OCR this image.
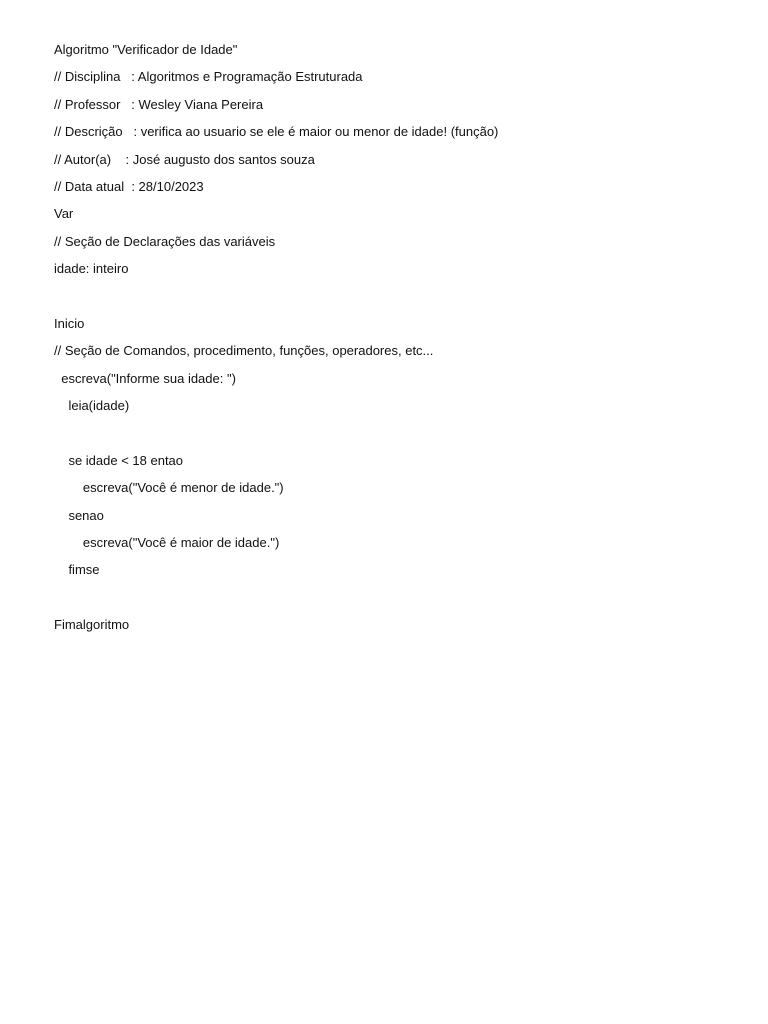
Algoritmo "Verificador de Idade"
// Disciplina   : Algoritmos e Programação Estruturada
// Professor   : Wesley Viana Pereira
// Descrição   : verifica ao usuario se ele é maior ou menor de idade! (função)
// Autor(a)    : José augusto dos santos souza
// Data atual  : 28/10/2023
Var
// Seção de Declarações das variáveis
idade: inteiro
Inicio
// Seção de Comandos, procedimento, funções, operadores, etc...
escreva("Informe sua idade: ")
leia(idade)
se idade < 18 entao
escreva("Você é menor de idade.")
senao
escreva("Você é maior de idade.")
fimse
Fimalgoritmo
